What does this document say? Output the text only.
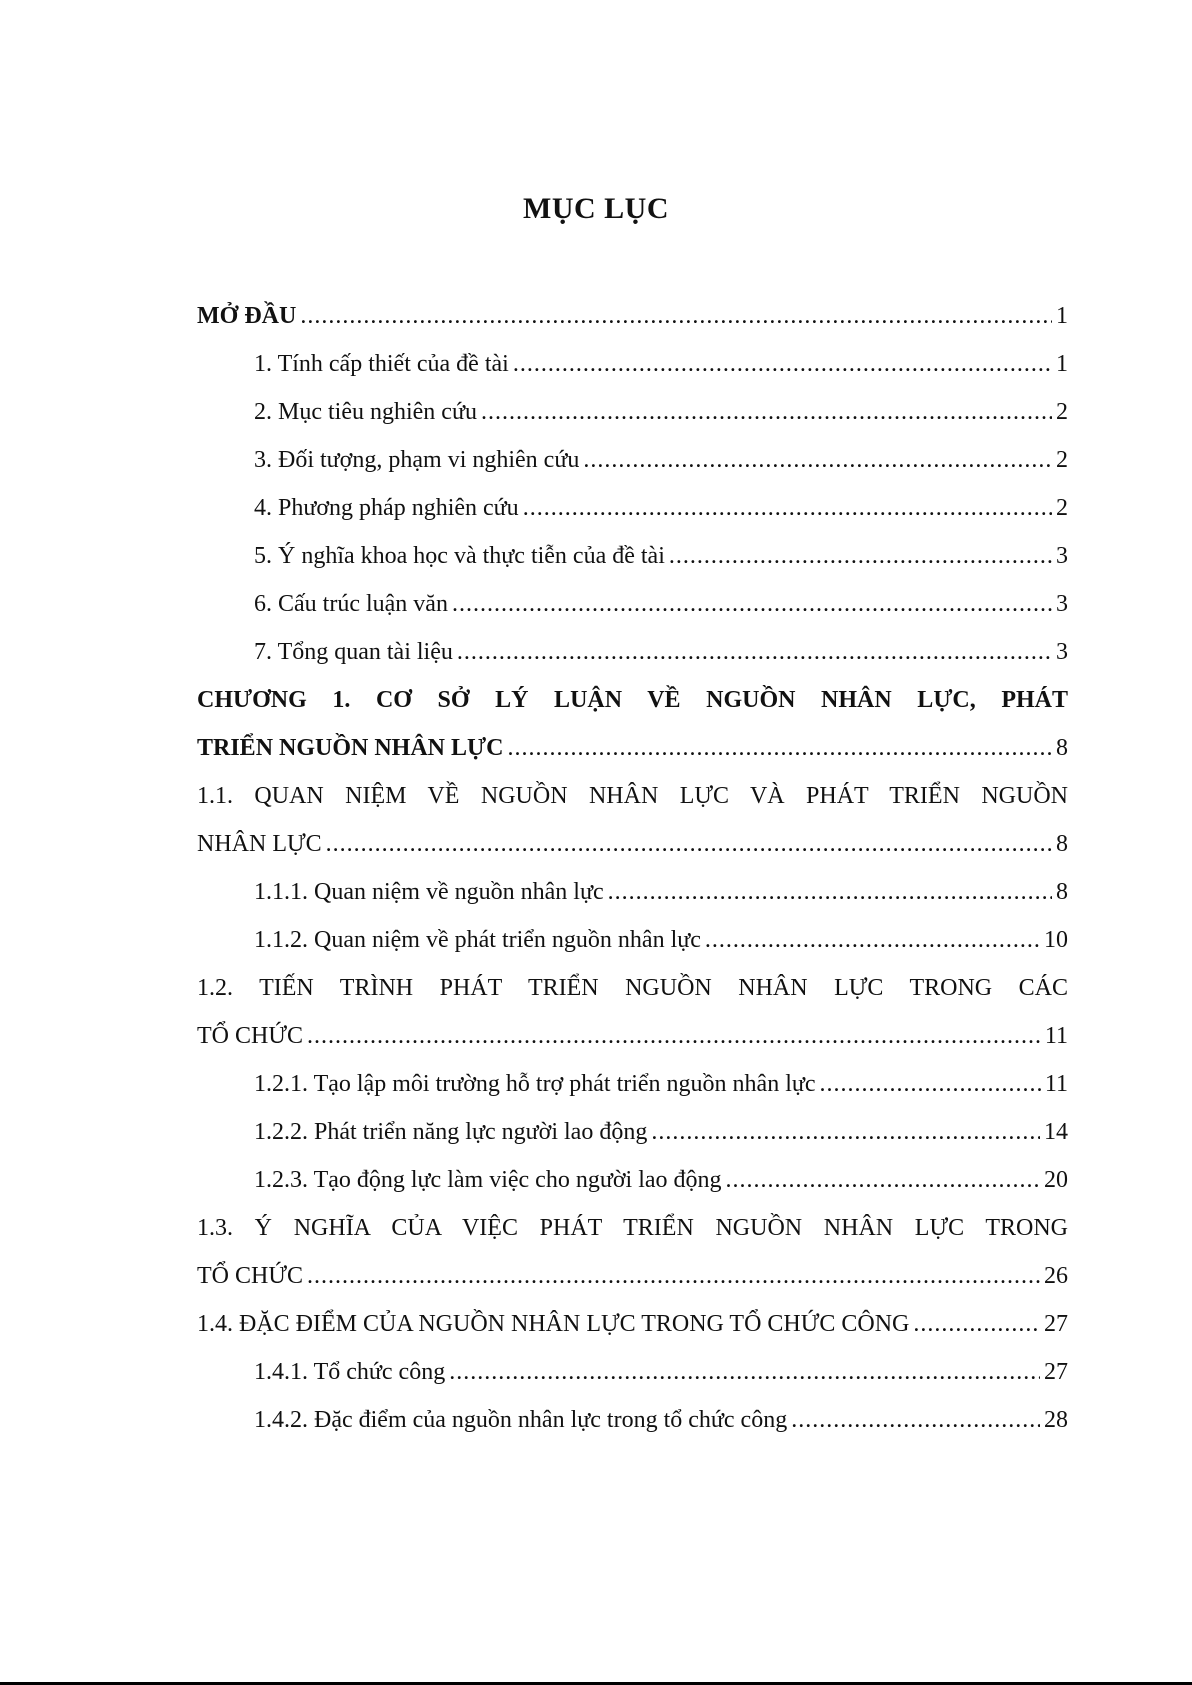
MỤC LỤC
MỞ ĐẦU .....	1
1. Tính cấp thiết của đề tài .....	1
2. Mục tiêu nghiên cứu .....	2
3. Đối tượng, phạm vi nghiên cứu .....	2
4. Phương pháp nghiên cứu .....	2
5. Ý nghĩa khoa học và thực tiễn của đề tài .....	3
6. Cấu trúc luận văn .....	3
7. Tổng quan tài liệu .....	3
CHƯƠNG 1. CƠ SỞ LÝ LUẬN VỀ NGUỒN NHÂN LỰC, PHÁT
TRIỂN NGUỒN NHÂN LỰC .....	8
1.1. QUAN NIỆM VỀ NGUỒN NHÂN LỰC VÀ PHÁT TRIỂN NGUỒN
NHÂN LỰC .....	8
1.1.1. Quan niệm về nguồn nhân lực .....	8
1.1.2. Quan niệm về phát triển nguồn nhân lực .....	10
1.2. TIẾN TRÌNH PHÁT TRIỂN NGUỒN NHÂN LỰC TRONG CÁC
TỔ CHỨC .....	11
1.2.1. Tạo lập môi trường hỗ trợ phát triển nguồn nhân lực .....	11
1.2.2. Phát triển năng lực người lao động .....	14
1.2.3. Tạo động lực làm việc cho người lao động .....	20
1.3. Ý NGHĨA CỦA VIỆC PHÁT TRIỂN NGUỒN NHÂN LỰC TRONG
TỔ CHỨC .....	26
1.4. ĐẶC ĐIỂM CỦA NGUỒN NHÂN LỰC TRONG TỔ CHỨC CÔNG .....	27
1.4.1. Tổ chức công .....	27
1.4.2. Đặc điểm của nguồn nhân lực trong tổ chức công .....	28
